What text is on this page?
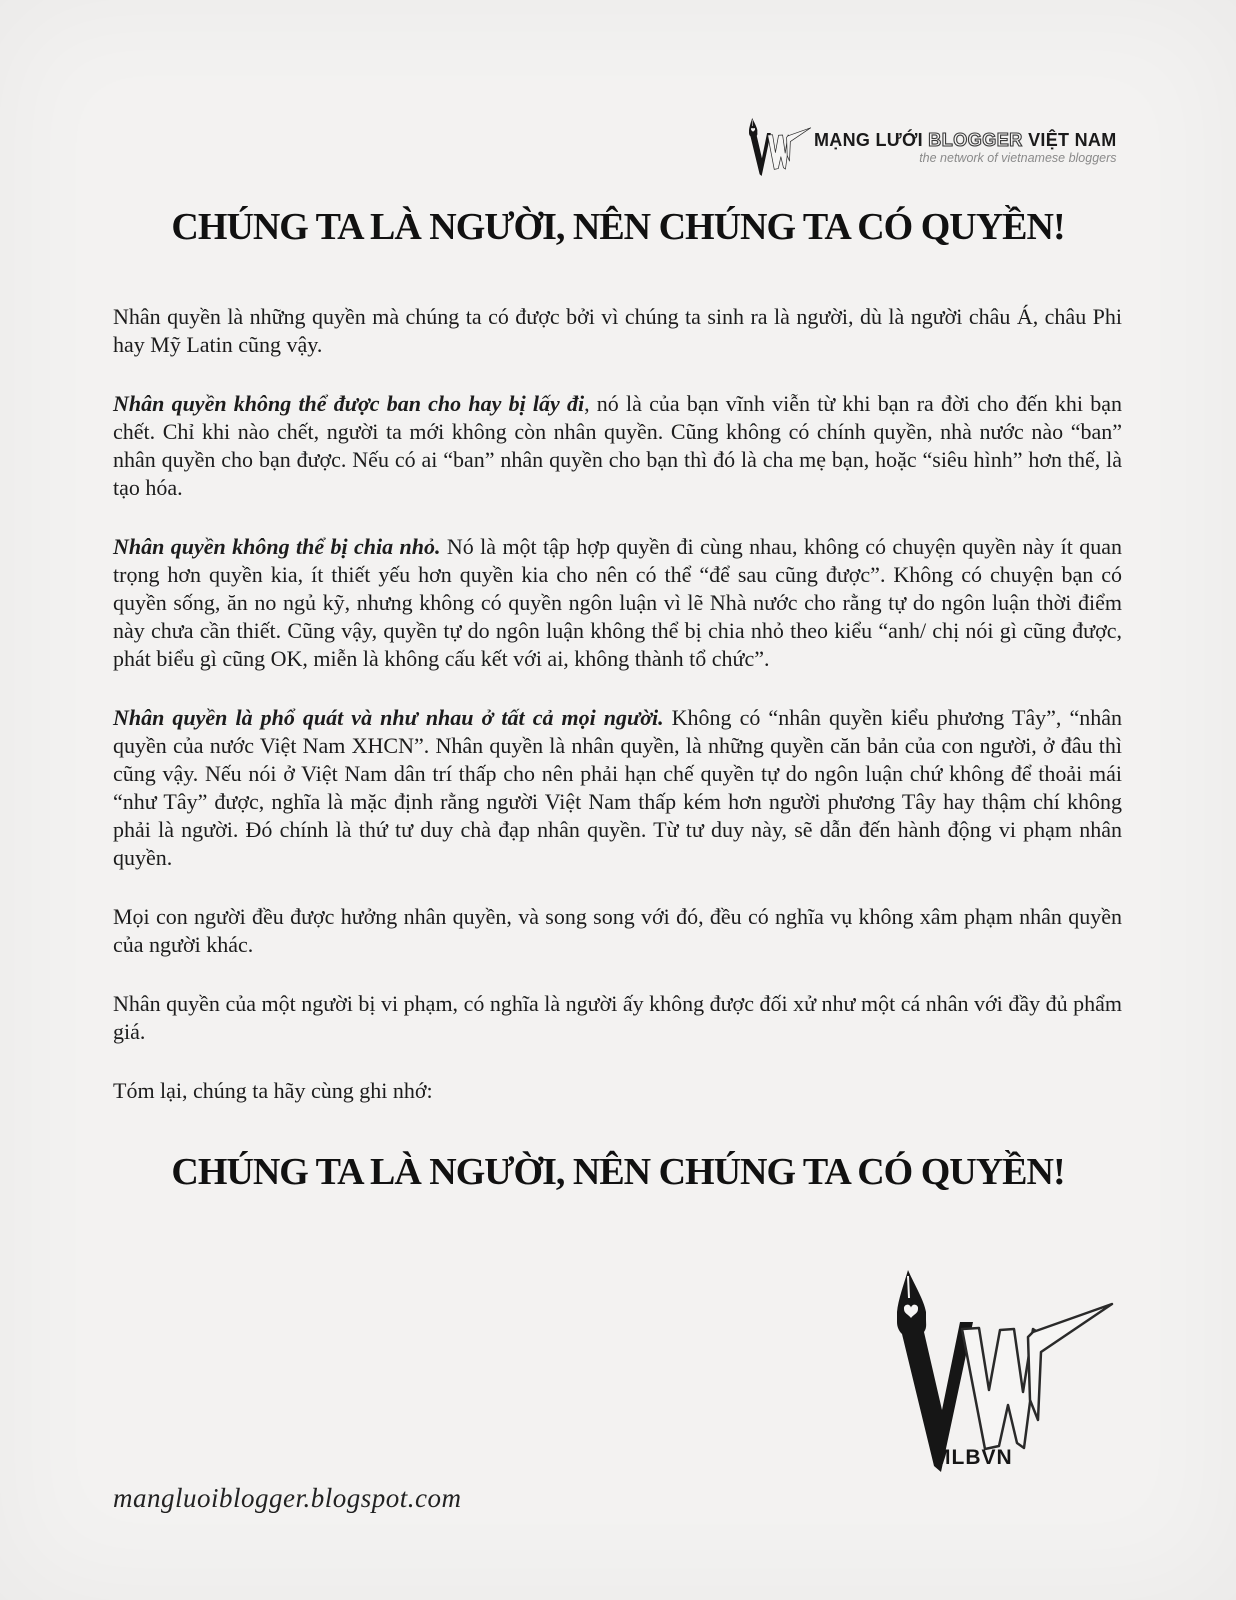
MẠNG LƯỚI BLOGGER VIỆT NAM
the network of vietnamese bloggers
CHÚNG TA LÀ NGƯỜI, NÊN CHÚNG TA CÓ QUYỀN!

Nhân quyền là những quyền mà chúng ta có được bởi vì chúng ta sinh ra là người, dù là người châu Á, châu Phi hay Mỹ Latin cũng vậy.

Nhân quyền không thể được ban cho hay bị lấy đi, nó là của bạn vĩnh viễn từ khi bạn ra đời cho đến khi bạn chết. Chỉ khi nào chết, người ta mới không còn nhân quyền. Cũng không có chính quyền, nhà nước nào “ban” nhân quyền cho bạn được. Nếu có ai “ban” nhân quyền cho bạn thì đó là cha mẹ bạn, hoặc “siêu hình” hơn thế, là tạo hóa.

Nhân quyền không thể bị chia nhỏ. Nó là một tập hợp quyền đi cùng nhau, không có chuyện quyền này ít quan trọng hơn quyền kia, ít thiết yếu hơn quyền kia cho nên có thể “để sau cũng được”. Không có chuyện bạn có quyền sống, ăn no ngủ kỹ, nhưng không có quyền ngôn luận vì lẽ Nhà nước cho rằng tự do ngôn luận thời điểm này chưa cần thiết. Cũng vậy, quyền tự do ngôn luận không thể bị chia nhỏ theo kiểu “anh/ chị nói gì cũng được, phát biểu gì cũng OK, miễn là không cấu kết với ai, không thành tổ chức”.

Nhân quyền là phổ quát và như nhau ở tất cả mọi người. Không có “nhân quyền kiểu phương Tây”, “nhân quyền của nước Việt Nam XHCN”. Nhân quyền là nhân quyền, là những quyền căn bản của con người, ở đâu thì cũng vậy. Nếu nói ở Việt Nam dân trí thấp cho nên phải hạn chế quyền tự do ngôn luận chứ không để thoải mái “như Tây” được, nghĩa là mặc định rằng người Việt Nam thấp kém hơn người phương Tây hay thậm chí không phải là người. Đó chính là thứ tư duy chà đạp nhân quyền. Từ tư duy này, sẽ dẫn đến hành động vi phạm nhân quyền.

Mọi con người đều được hưởng nhân quyền, và song song với đó, đều có nghĩa vụ không xâm phạm nhân quyền của người khác.

Nhân quyền của một người bị vi phạm, có nghĩa là người ấy không được đối xử như một cá nhân với đầy đủ phẩm giá.

Tóm lại, chúng ta hãy cùng ghi nhớ:

CHÚNG TA LÀ NGƯỜI, NÊN CHÚNG TA CÓ QUYỀN!
MLBVN
mangluoiblogger.blogspot.com
